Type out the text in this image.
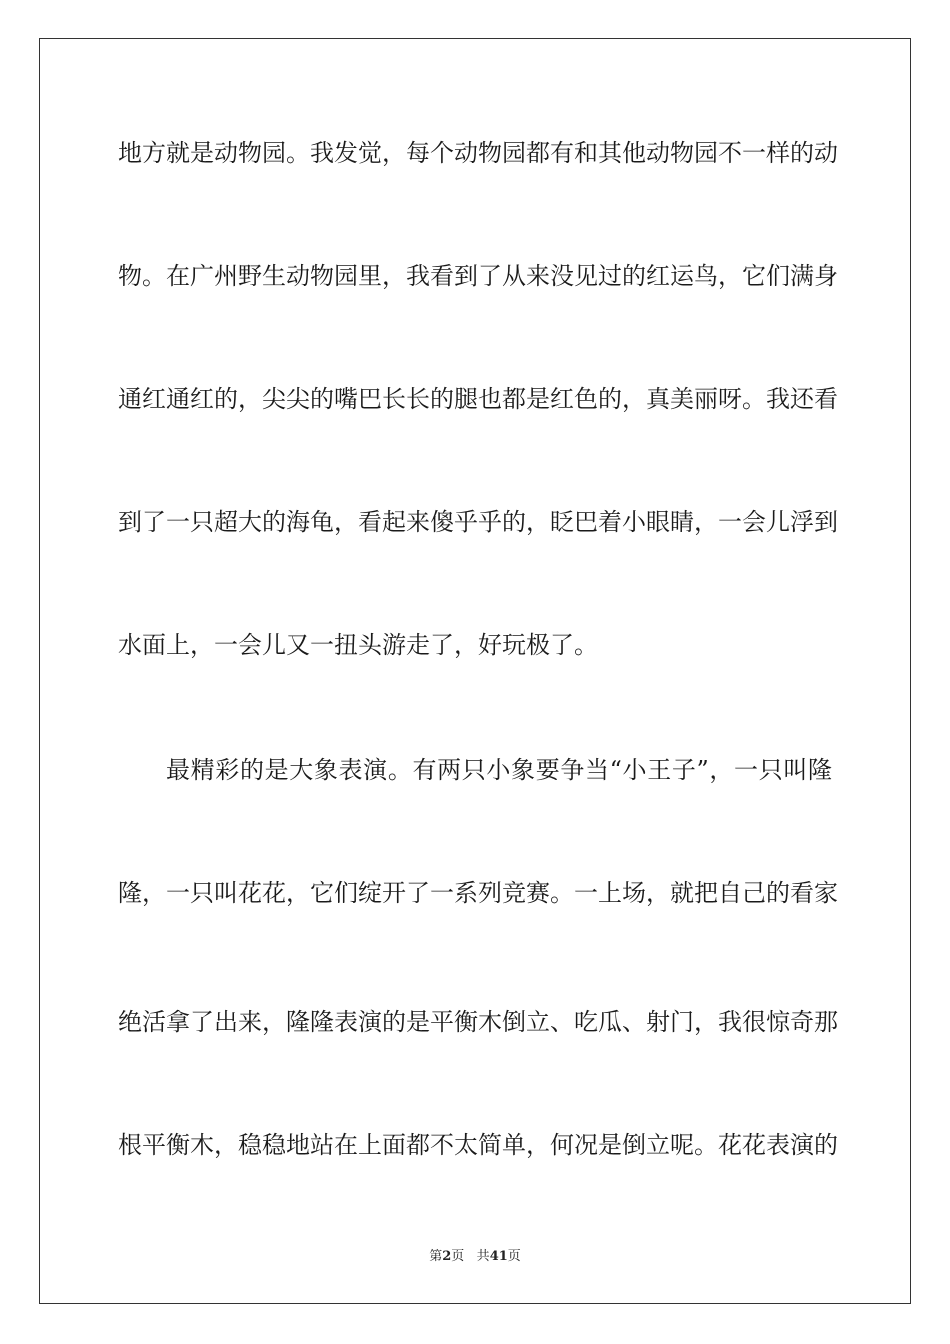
地方就是动物园。我发觉，每个动物园都有和其他动物园不一样的动
物。在广州野生动物园里，我看到了从来没见过的红运鸟，它们满身
通红通红的，尖尖的嘴巴长长的腿也都是红色的，真美丽呀。我还看
到了一只超大的海龟，看起来傻乎乎的，眨巴着小眼睛，一会儿浮到
水面上，一会儿又一扭头游走了，好玩极了。
最精彩的是大象表演。有两只小象要争当“小王子”，一只叫隆
隆，一只叫花花，它们绽开了一系列竞赛。一上场，就把自己的看家
绝活拿了出来，隆隆表演的是平衡木倒立、吃瓜、射门，我很惊奇那
根平衡木，稳稳地站在上面都不太简单，何况是倒立呢。花花表演的
第2页 共41页
